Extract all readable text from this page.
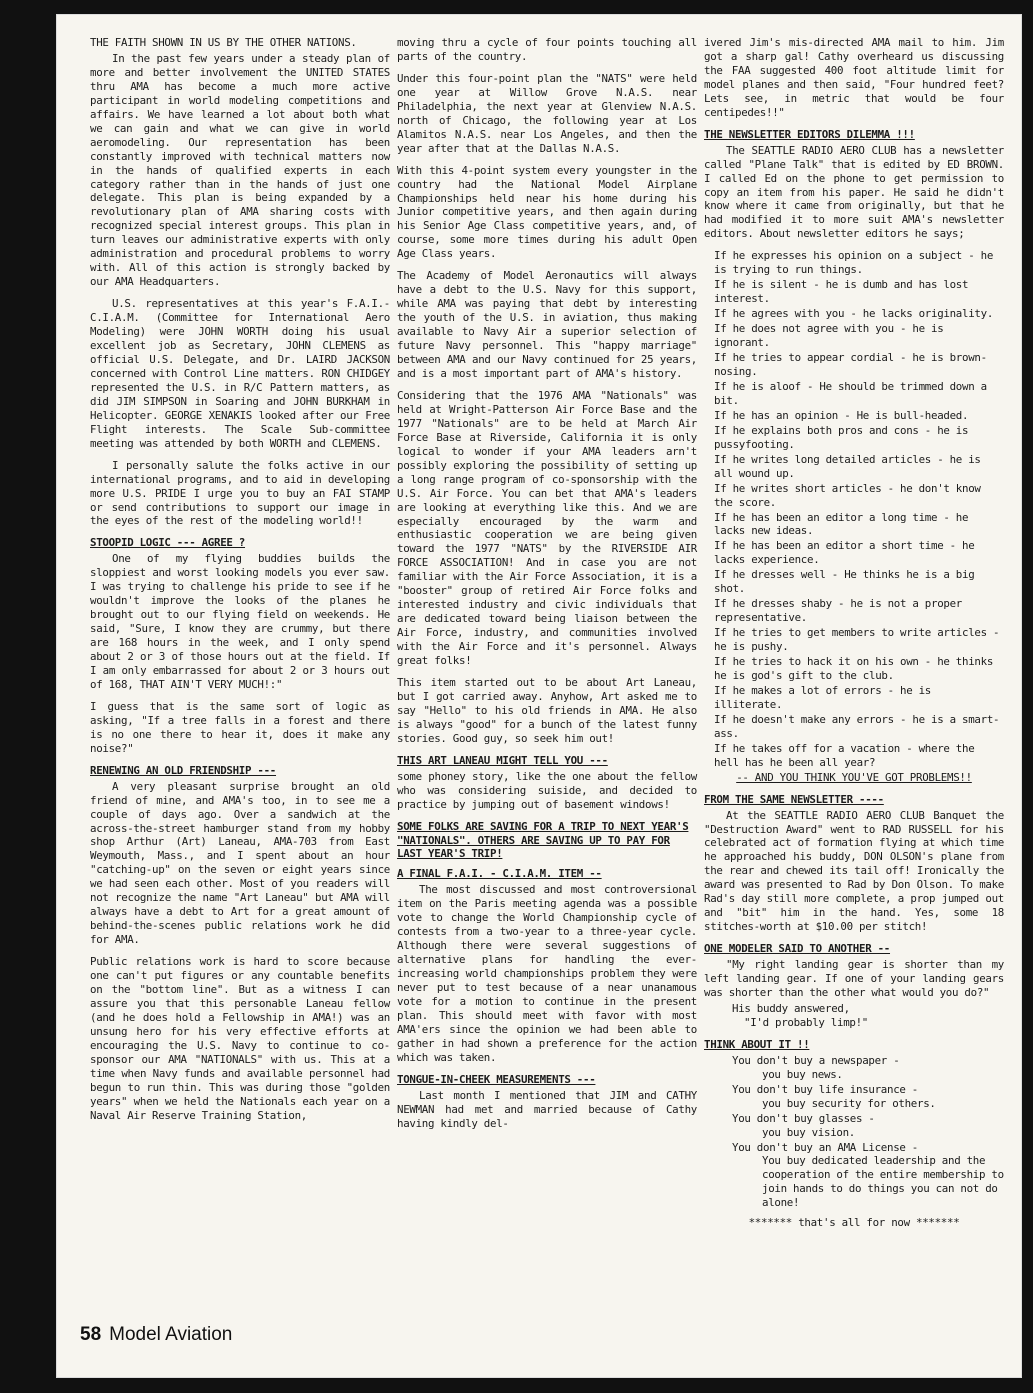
THE FAITH SHOWN IN US BY THE OTHER NATIONS.

In the past few years under a steady plan of more and better involvement the UNITED STATES thru AMA has become a much more active participant in world modeling competitions and affairs. We have learned a lot about both what we can gain and what we can give in world aeromodeling. Our representation has been constantly improved with technical matters now in the hands of qualified experts in each category rather than in the hands of just one delegate. This plan is being expanded by a revolutionary plan of AMA sharing costs with recognized special interest groups. This plan in turn leaves our administrative experts with only administration and procedural problems to worry with. All of this action is strongly backed by our AMA Headquarters.

U.S. representatives at this year's F.A.I.- C.I.A.M. (Committee for International Aero Modeling) were JOHN WORTH doing his usual excellent job as Secretary, JOHN CLEMENS as official U.S. Delegate, and Dr. LAIRD JACKSON concerned with Control Line matters. RON CHIDGEY represented the U.S. in R/C Pattern matters, as did JIM SIMPSON in Soaring and JOHN BURKHAM in Helicopter. GEORGE XENAKIS looked after our Free Flight interests. The Scale Sub-committee meeting was attended by both WORTH and CLEMENS.

I personally salute the folks active in our international programs, and to aid in developing more U.S. PRIDE I urge you to buy an FAI STAMP or send contributions to support our image in the eyes of the rest of the modeling world!!

STOOPID LOGIC --- AGREE ?

One of my flying buddies builds the sloppiest and worst looking models you ever saw. I was trying to challenge his pride to see if he wouldn't improve the looks of the planes he brought out to our flying field on weekends. He said, "Sure, I know they are crummy, but there are 168 hours in the week, and I only spend about 2 or 3 of those hours out at the field. If I am only embarrassed for about 2 or 3 hours out of 168, THAT AIN'T VERY MUCH!:"

I guess that is the same sort of logic as asking, "If a tree falls in a forest and there is no one there to hear it, does it make any noise?"

RENEWING AN OLD FRIENDSHIP ---

A very pleasant surprise brought an old friend of mine, and AMA's too, in to see me a couple of days ago. Over a sandwich at the across-the-street hamburger stand from my hobby shop Arthur (Art) Laneau, AMA-703 from East Weymouth, Mass., and I spent about an hour "catching-up" on the seven or eight years since we had seen each other. Most of you readers will not recognize the name "Art Laneau" but AMA will always have a debt to Art for a great amount of behind-the-scenes public relations work he did for AMA.

Public relations work is hard to score because one can't put figures or any countable benefits on the "bottom line". But as a witness I can assure you that this personable Laneau fellow (and he does hold a Fellowship in AMA!) was an unsung hero for his very effective efforts at encouraging the U.S. Navy to continue to co-sponsor our AMA "NATIONALS" with us. This at a time when Navy funds and available personnel had begun to run thin. This was during those "golden years" when we held the Nationals each year on a Naval Air Reserve Training Station,

moving thru a cycle of four points touching all parts of the country.

Under this four-point plan the "NATS" were held one year at Willow Grove N.A.S. near Philadelphia, the next year at Glenview N.A.S. north of Chicago, the following year at Los Alamitos N.A.S. near Los Angeles, and then the year after that at the Dallas N.A.S.

With this 4-point system every youngster in the country had the National Model Airplane Championships held near his home during his Junior competitive years, and then again during his Senior Age Class competitive years, and, of course, some more times during his adult Open Age Class years.

The Academy of Model Aeronautics will always have a debt to the U.S. Navy for this support, while AMA was paying that debt by interesting the youth of the U.S. in aviation, thus making available to Navy Air a superior selection of future Navy personnel. This "happy marriage" between AMA and our Navy continued for 25 years, and is a most important part of AMA's history.

Considering that the 1976 AMA "Nationals" was held at Wright-Patterson Air Force Base and the 1977 "Nationals" are to be held at March Air Force Base at Riverside, California it is only logical to wonder if your AMA leaders arn't possibly exploring the possibility of setting up a long range program of co-sponsorship with the U.S. Air Force. You can bet that AMA's leaders are looking at everything like this. And we are especially encouraged by the warm and enthusiastic cooperation we are being given toward the 1977 "NATS" by the RIVERSIDE AIR FORCE ASSOCIATION! And in case you are not familiar with the Air Force Association, it is a "booster" group of retired Air Force folks and interested industry and civic individuals that are dedicated toward being liaison between the Air Force, industry, and communities involved with the Air Force and it's personnel. Always great folks!

This item started out to be about Art Laneau, but I got carried away. Anyhow, Art asked me to say "Hello" to his old friends in AMA. He also is always "good" for a bunch of the latest funny stories. Good guy, so seek him out!

THIS ART LANEAU MIGHT TELL YOU ---

some phoney story, like the one about the fellow who was considering suiside, and decided to practice by jumping out of basement windows!

SOME FOLKS ARE SAVING FOR A TRIP TO NEXT YEAR'S "NATIONALS". OTHERS ARE SAVING UP TO PAY FOR LAST YEAR'S TRIP!
A FINAL F.A.I. - C.I.A.M. ITEM --

The most discussed and most controversional item on the Paris meeting agenda was a possible vote to change the World Championship cycle of contests from a two-year to a three-year cycle. Although there were several suggestions of alternative plans for handling the ever-increasing world championships problem they were never put to test because of a near unanamous vote for a motion to continue in the present plan. This should meet with favor with most AMA'ers since the opinion we had been able to gather in had shown a preference for the action which was taken.

TONGUE-IN-CHEEK MEASUREMENTS ---

Last month I mentioned that JIM and CATHY NEWMAN had met and married because of Cathy having kindly del-

ivered Jim's mis-directed AMA mail to him. Jim got a sharp gal! Cathy overheard us discussing the FAA suggested 400 foot altitude limit for model planes and then said, "Four hundred feet? Lets see, in metric that would be four centipedes!!"

THE NEWSLETTER EDITORS DILEMMA !!!

The SEATTLE RADIO AERO CLUB has a newsletter called "Plane Talk" that is edited by ED BROWN. I called Ed on the phone to get permission to copy an item from his paper. He said he didn't know where it came from originally, but that he had modified it to more suit AMA's newsletter editors. About newsletter editors he says;

If he expresses his opinion on a subject - he is trying to run things.
If he is silent - he is dumb and has lost interest.
If he agrees with you - he lacks originality.
If he does not agree with you - he is ignorant.
If he tries to appear cordial - he is brown-nosing.
If he is aloof - He should be trimmed down a bit.
If he has an opinion - He is bull-headed.
If he explains both pros and cons - he is pussyfooting.
If he writes long detailed articles - he is all wound up.
If he writes short articles - he don't know the score.
If he has been an editor a long time - he lacks new ideas.
If he has been an editor a short time - he lacks experience.
If he dresses well - He thinks he is a big shot.
If he dresses shaby - he is not a proper representative.
If he tries to get members to write articles - he is pushy.
If he tries to hack it on his own - he thinks he is god's gift to the club.
If he makes a lot of errors - he is illiterate.
If he doesn't make any errors - he is a smart-ass.
If he takes off for a vacation - where the hell has he been all year?

-- AND YOU THINK YOU'VE GOT PROBLEMS!!

FROM THE SAME NEWSLETTER ----

At the SEATTLE RADIO AERO CLUB Banquet the "Destruction Award" went to RAD RUSSELL for his celebrated act of formation flying at which time he approached his buddy, DON OLSON's plane from the rear and chewed its tail off! Ironically the award was presented to Rad by Don Olson. To make Rad's day still more complete, a prop jumped out and "bit" him in the hand. Yes, some 18 stitches-worth at $10.00 per stitch!

ONE MODELER SAID TO ANOTHER --

"My right landing gear is shorter than my left landing gear. If one of your landing gears was shorter than the other what would you do?"

His buddy answered,

"I'd probably limp!"

THINK ABOUT IT !!
You don't buy a newspaper -
you buy news.
You don't buy life insurance -
you buy security for others.
You don't buy glasses -
you buy vision.
You don't buy an AMA License -
You buy dedicated leadership and the cooperation of the entire membership to join hands to do things you can not do alone!

******* that's all for now *******

58 Model Aviation
